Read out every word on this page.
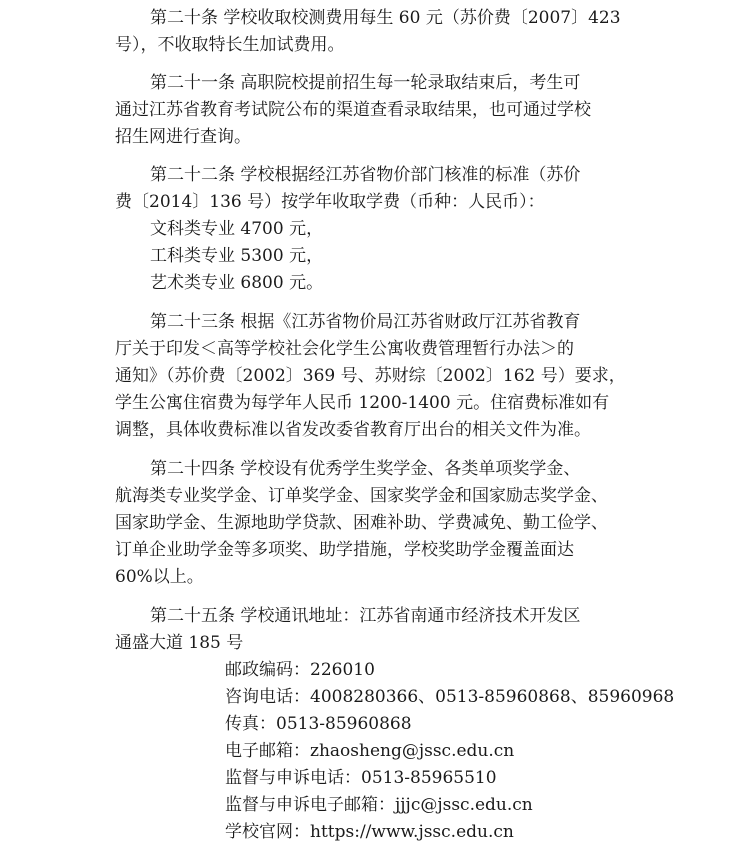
第二十条 学校收取校测费用每生 60 元（苏价费〔2007〕423

号），不收取特长生加试费用。

第二十一条 高职院校提前招生每一轮录取结束后，考生可

通过江苏省教育考试院公布的渠道查看录取结果，也可通过学校

招生网进行查询。

第二十二条 学校根据经江苏省物价部门核准的标准（苏价

费〔2014〕136 号）按学年收取学费（币种：人民币）：

文科类专业 4700 元，

工科类专业 5300 元，

艺术类专业 6800 元。

第二十三条 根据《江苏省物价局江苏省财政厅江苏省教育

厅关于印发＜高等学校社会化学生公寓收费管理暂行办法＞的

通知》（苏价费〔2002〕369 号、苏财综〔2002〕162 号）要求，

学生公寓住宿费为每学年人民币 1200-1400 元。住宿费标准如有

调整，具体收费标准以省发改委省教育厅出台的相关文件为准。

第二十四条 学校设有优秀学生奖学金、各类单项奖学金、

航海类专业奖学金、订单奖学金、国家奖学金和国家励志奖学金、

国家助学金、生源地助学贷款、困难补助、学费减免、勤工俭学、

订单企业助学金等多项奖、助学措施，学校奖助学金覆盖面达

60%以上。

第二十五条 学校通讯地址：江苏省南通市经济技术开发区

通盛大道 185 号

邮政编码：226010

咨询电话：4008280366、0513-85960868、85960968

传真：0513-85960868

电子邮箱：zhaosheng@jssc.edu.cn

监督与申诉电话：0513-85965510

监督与申诉电子邮箱：jjjc@jssc.edu.cn

学校官网：https://www.jssc.edu.cn
